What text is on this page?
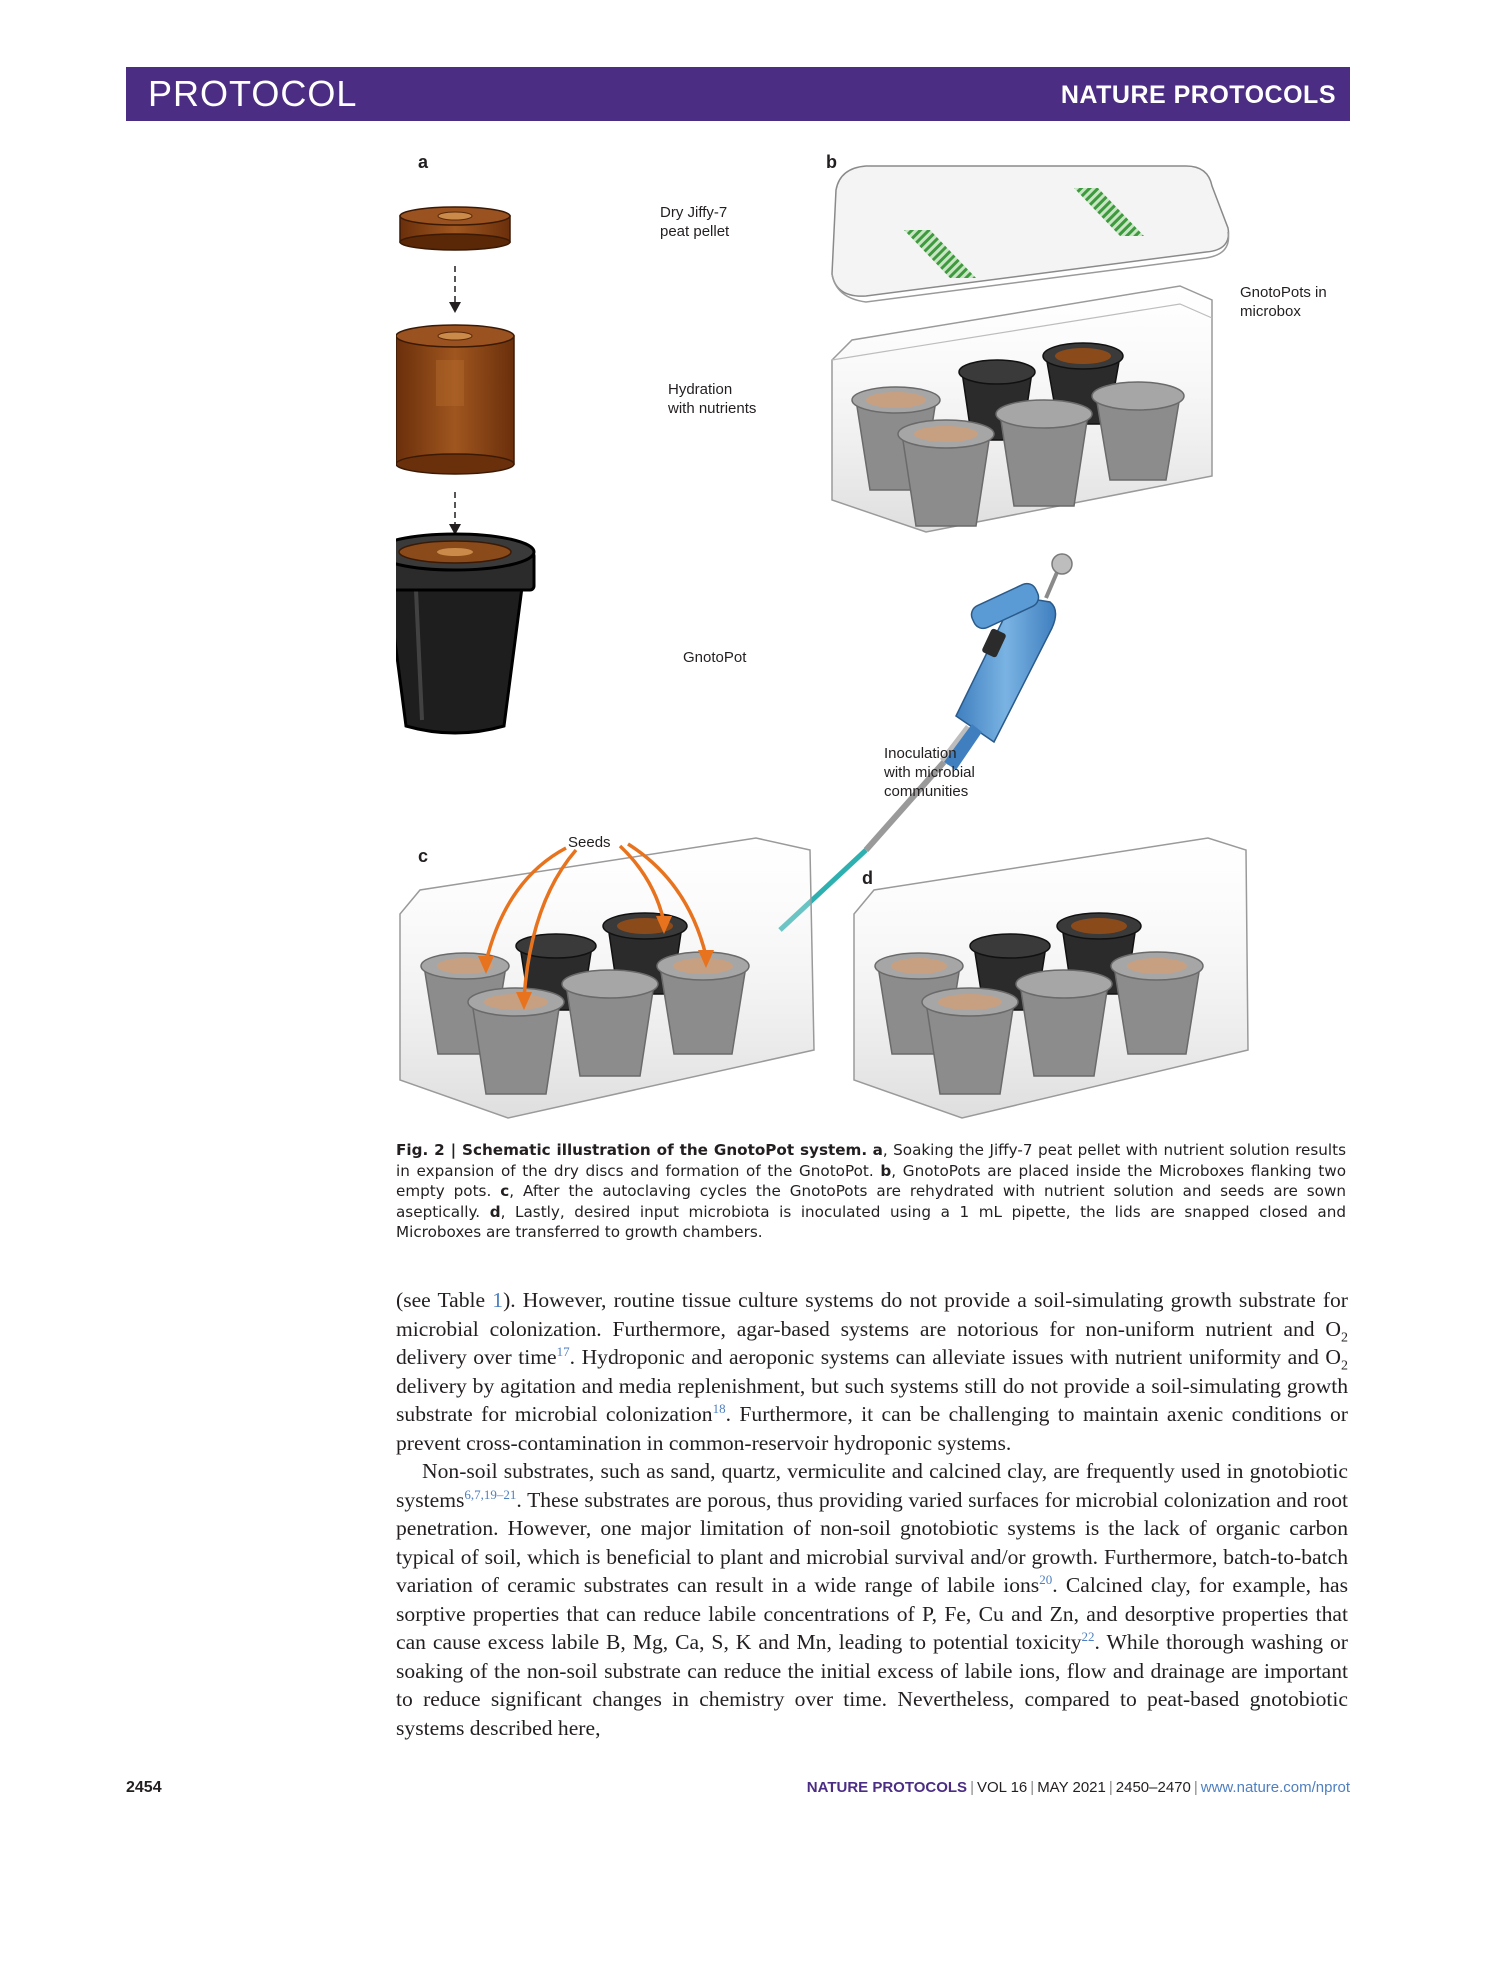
PROTOCOL	NATURE PROTOCOLS
a	b
c
d
Dry Jiffy-7
peat pellet
Hydration
with nutrients
GnotoPot
GnotoPots in
microbox
Inoculation
with microbial
communities
Seeds
Fig. 2 | Schematic illustration of the GnotoPot system. a, Soaking the Jiffy-7 peat pellet with nutrient solution results in expansion of the dry discs and formation of the GnotoPot. b, GnotoPots are placed inside the Microboxes flanking two empty pots. c, After the autoclaving cycles the GnotoPots are rehydrated with nutrient solution and seeds are sown aseptically. d, Lastly, desired input microbiota is inoculated using a 1 mL pipette, the lids are snapped closed and Microboxes are transferred to growth chambers.

(see Table 1). However, routine tissue culture systems do not provide a soil-simulating growth substrate for microbial colonization. Furthermore, agar-based systems are notorious for non-uniform nutrient and $O_2$ delivery over time$^{17}$. Hydroponic and aeroponic systems can alleviate issues with nutrient uniformity and $O_2$ delivery by agitation and media replenishment, but such systems still do not provide a soil-simulating growth substrate for microbial colonization$^{18}$. Furthermore, it can be challenging to maintain axenic conditions or prevent cross-contamination in common-reservoir hydroponic systems.

Non-soil substrates, such as sand, quartz, vermiculite and calcined clay, are frequently used in gnotobiotic systems$^{6,7,19-21}$. These substrates are porous, thus providing varied surfaces for microbial colonization and root penetration. However, one major limitation of non-soil gnotobiotic systems is the lack of organic carbon typical of soil, which is beneficial to plant and microbial survival and/or growth. Furthermore, batch-to-batch variation of ceramic substrates can result in a wide range of labile ions$^{20}$. Calcined clay, for example, has sorptive properties that can reduce labile concentrations of P, Fe, Cu and Zn, and desorptive properties that can cause excess labile B, Mg, Ca, S, K and Mn, leading to potential toxicity$^{22}$. While thorough washing or soaking of the non-soil substrate can reduce the initial excess of labile ions, flow and drainage are important to reduce significant changes in chemistry over time. Nevertheless, compared to peat-based gnotobiotic systems described here,

2454	NATURE PROTOCOLS | VOL 16 | MAY 2021 | 2450–2470 | www.nature.com/nprot
